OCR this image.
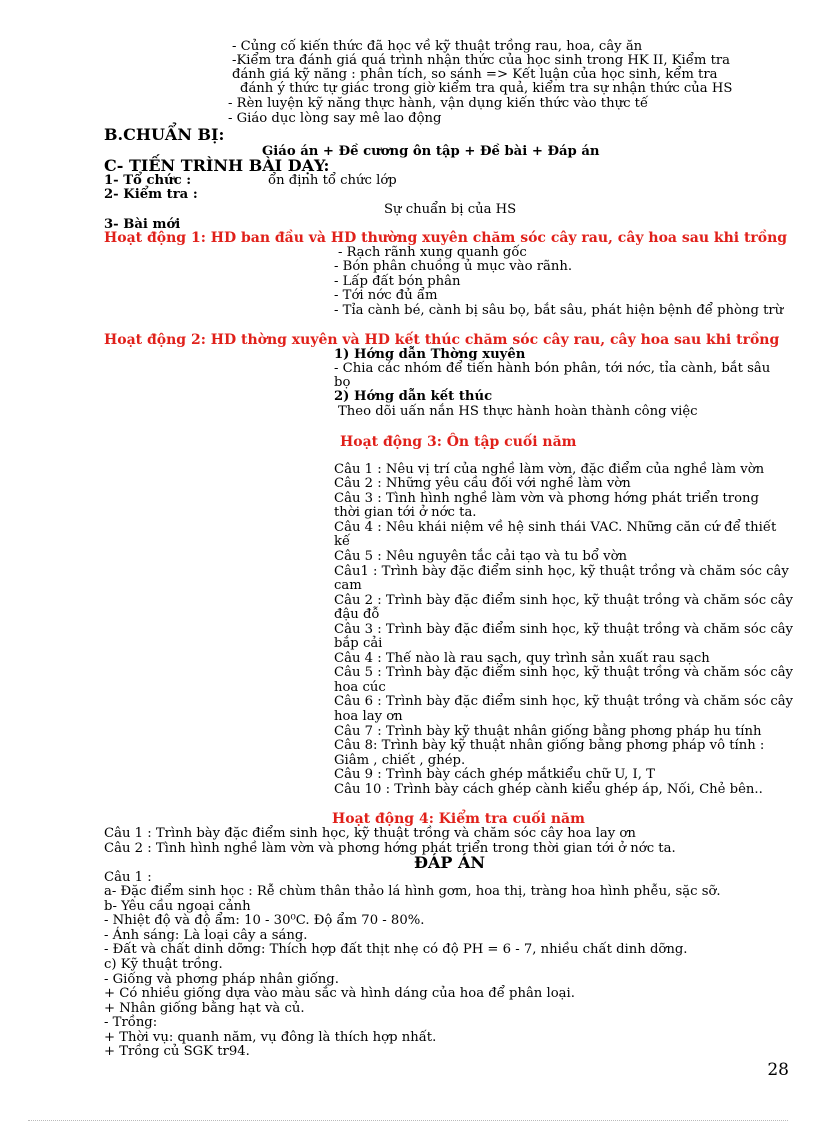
- Củng cố kiến thức đã học về kỹ thuật trồng rau, hoa, cây ăn
-Kiểm tra đánh giá quá trình nhận thức của học sinh trong HK II, Kiểm tra
đánh giá kỹ năng : phân tích, so sánh => Kết luận của học sinh, kểm tra
đánh ý thức tự giác trong giờ kiểm tra quả, kiểm tra sự nhận thức của HS
- Rèn luyện kỹ năng thực hành, vận dụng kiến thức vào thực tế
- Giáo dục lòng say mê lao động
B.CHUẨN BỊ:
Giáo án + Đề cương ôn tập + Đề bài + Đáp án
C- TIẾN TRÌNH BÀI DẠY:
1- Tổ chức :	ổn định tổ chức lớp
2- Kiểm tra :
Sự chuẩn bị của HS
3- Bài mới
Hoạt động 1: HD ban đầu và HD thường xuyên chăm sóc cây rau, cây hoa sau khi trồng
- Rạch rãnh xung quanh gốc
- Bón phân chuồng ủ mục vào rãnh.
- Lấp đất bón phân
- Tới nớc đủ ẩm
- Tỉa cành bé, cành bị sâu bọ, bắt sâu, phát hiện bệnh để phòng trừ
Hoạt động 2: HD thờng xuyên và HD kết thúc chăm sóc cây rau, cây hoa sau khi trồng
1) Hớng dẫn Thờng xuyên
- Chia các nhóm để tiến hành bón phân, tới nớc, tỉa cành, bắt sâu
bọ
2) Hớng dẫn kết thúc
Theo dõi uấn nắn HS thực hành hoàn thành công việc
Hoạt động 3: Ôn tập cuối năm
Câu 1 : Nêu vị trí của nghề làm vờn, đặc điểm của nghề làm vờn
Câu 2 : Những yêu cầu đối với nghề làm vờn
Câu 3 : Tình hình nghề làm vờn và phơng hớng phát triển trong
thời gian tới ở nớc ta.
Câu 4 : Nêu khái niệm về hệ sinh thái VAC. Những căn cứ để thiết
kế
Câu 5 : Nêu nguyên tắc cải tạo và tu bổ vờn
Câu1 : Trình bày đặc điểm sinh học, kỹ thuật trồng và chăm sóc cây
cam
Câu 2 : Trình bày đặc điểm sinh học, kỹ thuật trồng và chăm sóc cây
đậu đỗ
Câu 3 : Trình bày đặc điểm sinh học, kỹ thuật trồng và chăm sóc cây
bắp cải
Câu 4 : Thế nào là rau sạch, quy trình sản xuất rau sạch
Câu 5 : Trình bày đặc điểm sinh học, kỹ thuật trồng và chăm sóc cây
hoa cúc
Câu 6 : Trình bày đặc điểm sinh học, kỹ thuật trồng và chăm sóc cây
hoa lay ơn
Câu 7 : Trình bày kỹ thuật nhân giống bằng phơng pháp hu tính
Câu 8: Trình bày kỹ thuật nhân giống bằng phơng pháp vô tính :
Giâm , chiết , ghép.
Câu 9 : Trình bày cách ghép mắtkiểu chữ U, I, T
Câu 10 : Trình bày cách ghép cành kiểu ghép áp, Nối, Chẻ bên..
Hoạt động 4: Kiểm tra cuối năm
Câu 1 : Trình bày đặc điểm sinh học, kỹ thuật trồng và chăm sóc cây hoa lay ơn
Câu 2 : Tình hình nghề làm vờn và phơng hớng phát triển trong thời gian tới ở nớc ta.
ĐÁP ÁN
Câu 1 :
a- Đặc điểm sinh học : Rễ chùm thân thảo lá hình gơm, hoa thị, tràng hoa hình phễu, sặc sỡ.
b- Yêu cầu ngoại cảnh
- Nhiệt độ và độ ẩm: 10 - 30⁰C. Độ ẩm 70 - 80%.
- Ánh sáng: Là loại cây a sáng.
- Đất và chất dinh dỡng: Thích hợp đất thịt nhẹ có độ PH = 6 - 7, nhiều chất dinh dỡng.
c) Kỹ thuật trồng.
- Giống và phơng pháp nhân giống.
+ Có nhiều giống dựa vào màu sắc và hình dáng của hoa để phân loại.
+ Nhân giống bằng hạt và củ.
- Trồng:
+ Thời vụ: quanh năm, vụ đông là thích hợp nhất.
+ Trồng củ SGK tr94.
28
